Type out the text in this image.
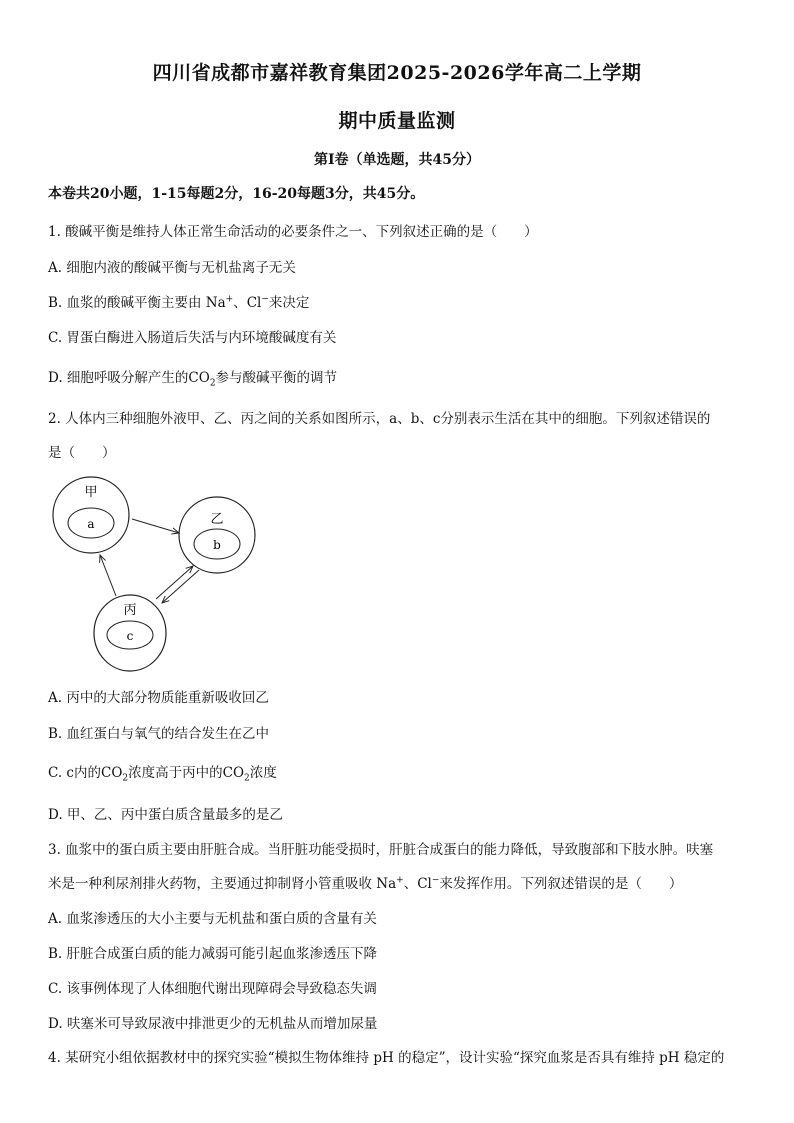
四川省成都市嘉祥教育集团2025-2026学年高二上学期
期中质量监测
第Ⅰ卷（单选题，共45分）
本卷共20小题，1-15每题2分，16-20每题3分，共45分。
1. 酸碱平衡是维持人体正常生命活动的必要条件之一、下列叙述正确的是（　　）
A. 细胞内液的酸碱平衡与无机盐离子无关
B. 血浆的酸碱平衡主要由 Na+、Cl−来决定
C. 胃蛋白酶进入肠道后失活与内环境酸碱度有关
D. 细胞呼吸分解产生的$CO_2$参与酸碱平衡的调节
2. 人体内三种细胞外液甲、乙、丙之间的关系如图所示，a、b、c分别表示生活在其中的细胞。下列叙述错误的
是（　　）
甲
a	乙
b
丙
c
A. 丙中的大部分物质能重新吸收回乙
B. 血红蛋白与氧气的结合发生在乙中
C. c内的$CO_2$浓度高于丙中的$CO_2$浓度
D. 甲、乙、丙中蛋白质含量最多的是乙
3. 血浆中的蛋白质主要由肝脏合成。当肝脏功能受损时，肝脏合成蛋白的能力降低，导致腹部和下肢水肿。呋塞
米是一种利尿剂排火药物，主要通过抑制肾小管重吸收 Na+、Cl−来发挥作用。下列叙述错误的是（　　）
A. 血浆渗透压的大小主要与无机盐和蛋白质的含量有关
B. 肝脏合成蛋白质的能力减弱可能引起血浆渗透压下降
C. 该事例体现了人体细胞代谢出现障碍会导致稳态失调
D. 呋塞米可导致尿液中排泄更少的无机盐从而增加尿量
4. 某研究小组依据教材中的探究实验“模拟生物体维持 pH 的稳定”，设计实验“探究血浆是否具有维持 pH 稳定的
